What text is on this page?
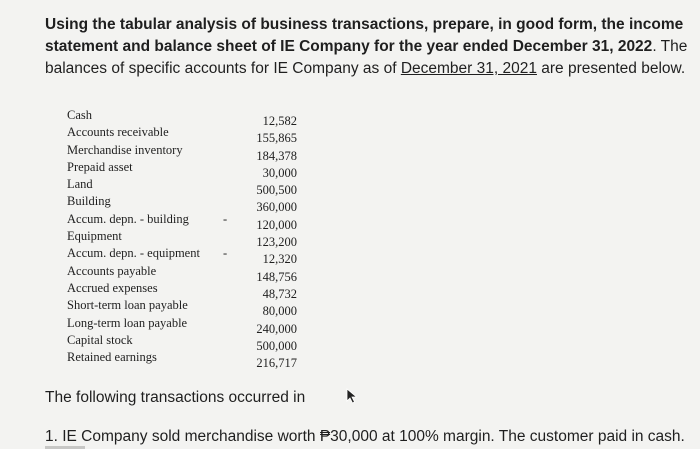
Using the tabular analysis of business transactions, prepare, in good form, the income statement and balance sheet of IE Company for the year ended December 31, 2022. The balances of specific accounts for IE Company as of December 31, 2021 are presented below.
Cash	12,582
Accounts receivable	155,865
Merchandise inventory	184,378
Prepaid asset	30,000
Land	500,500
Building	360,000
Accum. depn. - building	- 120,000
Equipment	123,200
Accum. depn. - equipment -	12,320
Accounts payable	148,756
Accrued expenses	48,732
Short-term loan payable	80,000
Long-term loan payable	240,000
Capital stock	500,000
Retained earnings	216,717
The following transactions occurred in
1. IE Company sold merchandise worth ₱30,000 at 100% margin. The customer paid in cash.
